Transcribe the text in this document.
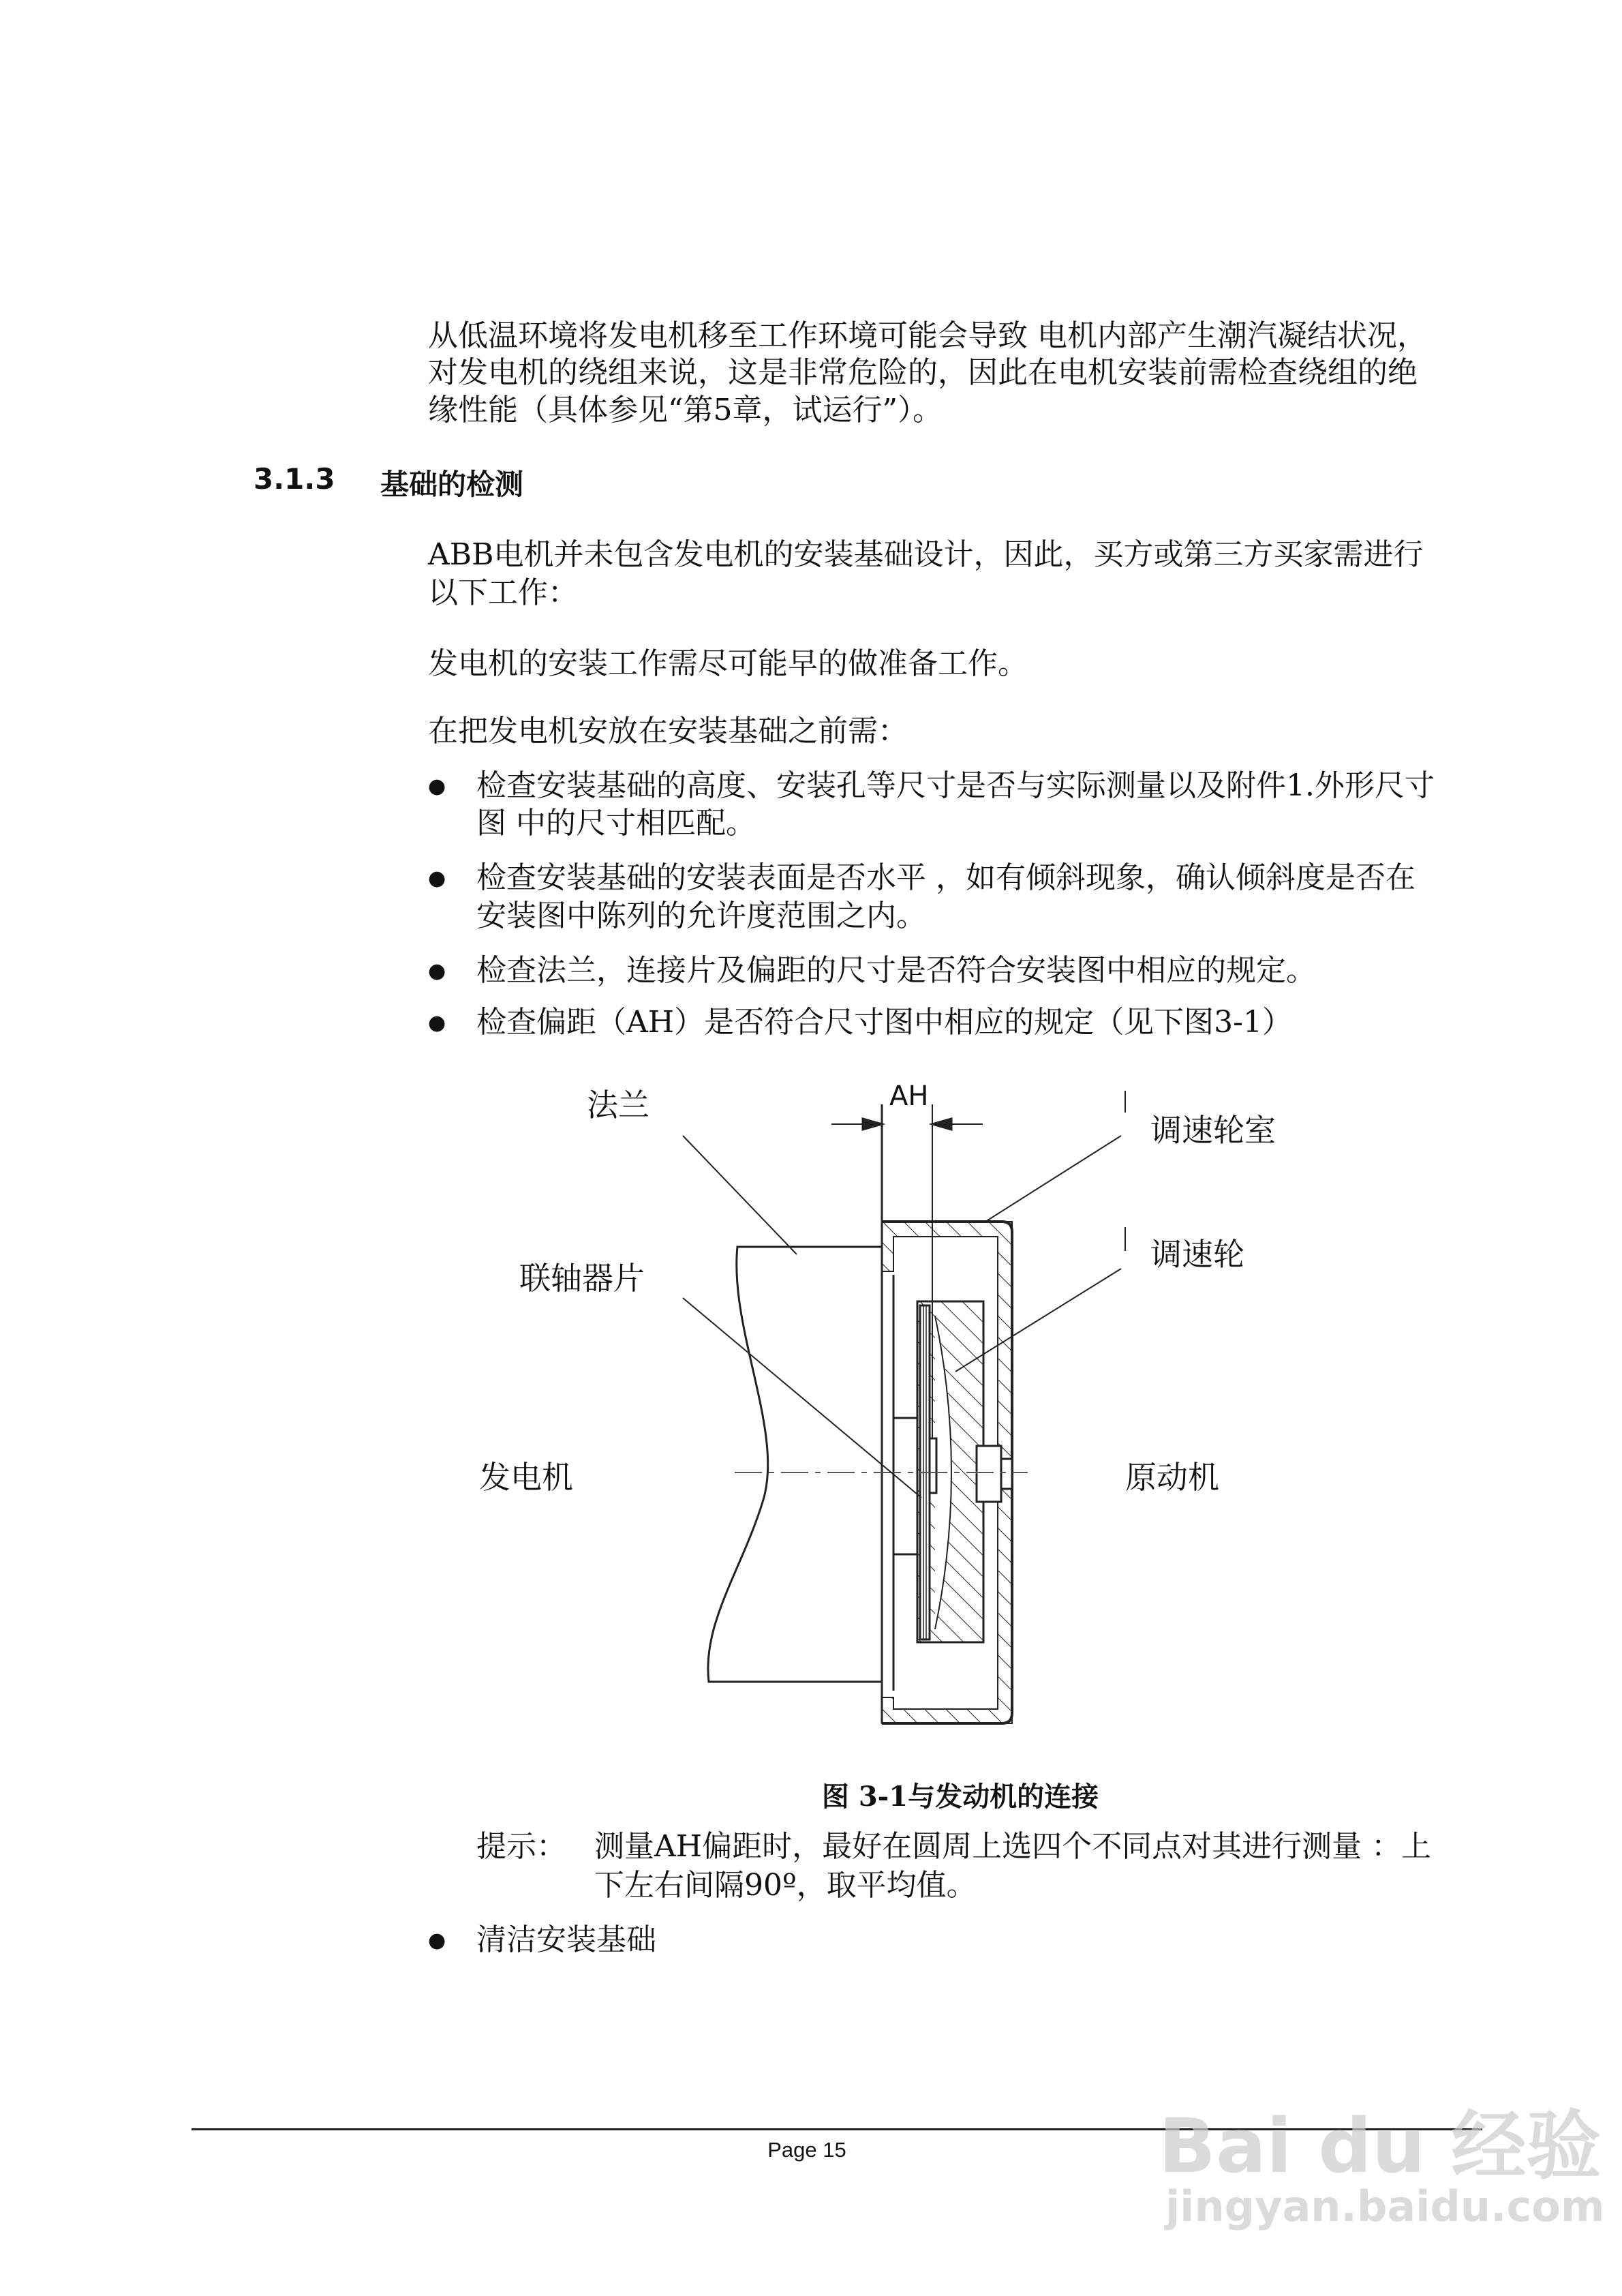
从低温环境将发电机移至工作环境可能会导致 电机内部产生潮汽凝结状况，
对发电机的绕组来说，这是非常危险的，因此在电机安装前需检查绕组的绝
缘性能（具体参见“第5章，试运行”）。
3.1.3 基础的检测
ABB电机并未包含发电机的安装基础设计，因此，买方或第三方买家需进行
以下工作：
发电机的安装工作需尽可能早的做准备工作。
在把发电机安放在安装基础之前需：
● 检查安装基础的高度、安装孔等尺寸是否与实际测量以及附件1.外形尺寸
图 中的尺寸相匹配。
● 检查安装基础的安装表面是否水平 ，如有倾斜现象，确认倾斜度是否在
安装图中陈列的允许度范围之内。
● 检查法兰，连接片及偏距的尺寸是否符合安装图中相应的规定。
● 检查偏距（AH）是否符合尺寸图中相应的规定（见下图3-1）
法兰	AH
调速轮室
调速轮
联轴器片
发电机	原动机
图 3-1与发动机的连接
提示： 测量AH偏距时，最好在圆周上选四个不同点对其进行测量 ：上
下左右间隔90º，取平均值。
● 清洁安装基础
Page 15	Bai du 经验
jingyan.baidu.com
